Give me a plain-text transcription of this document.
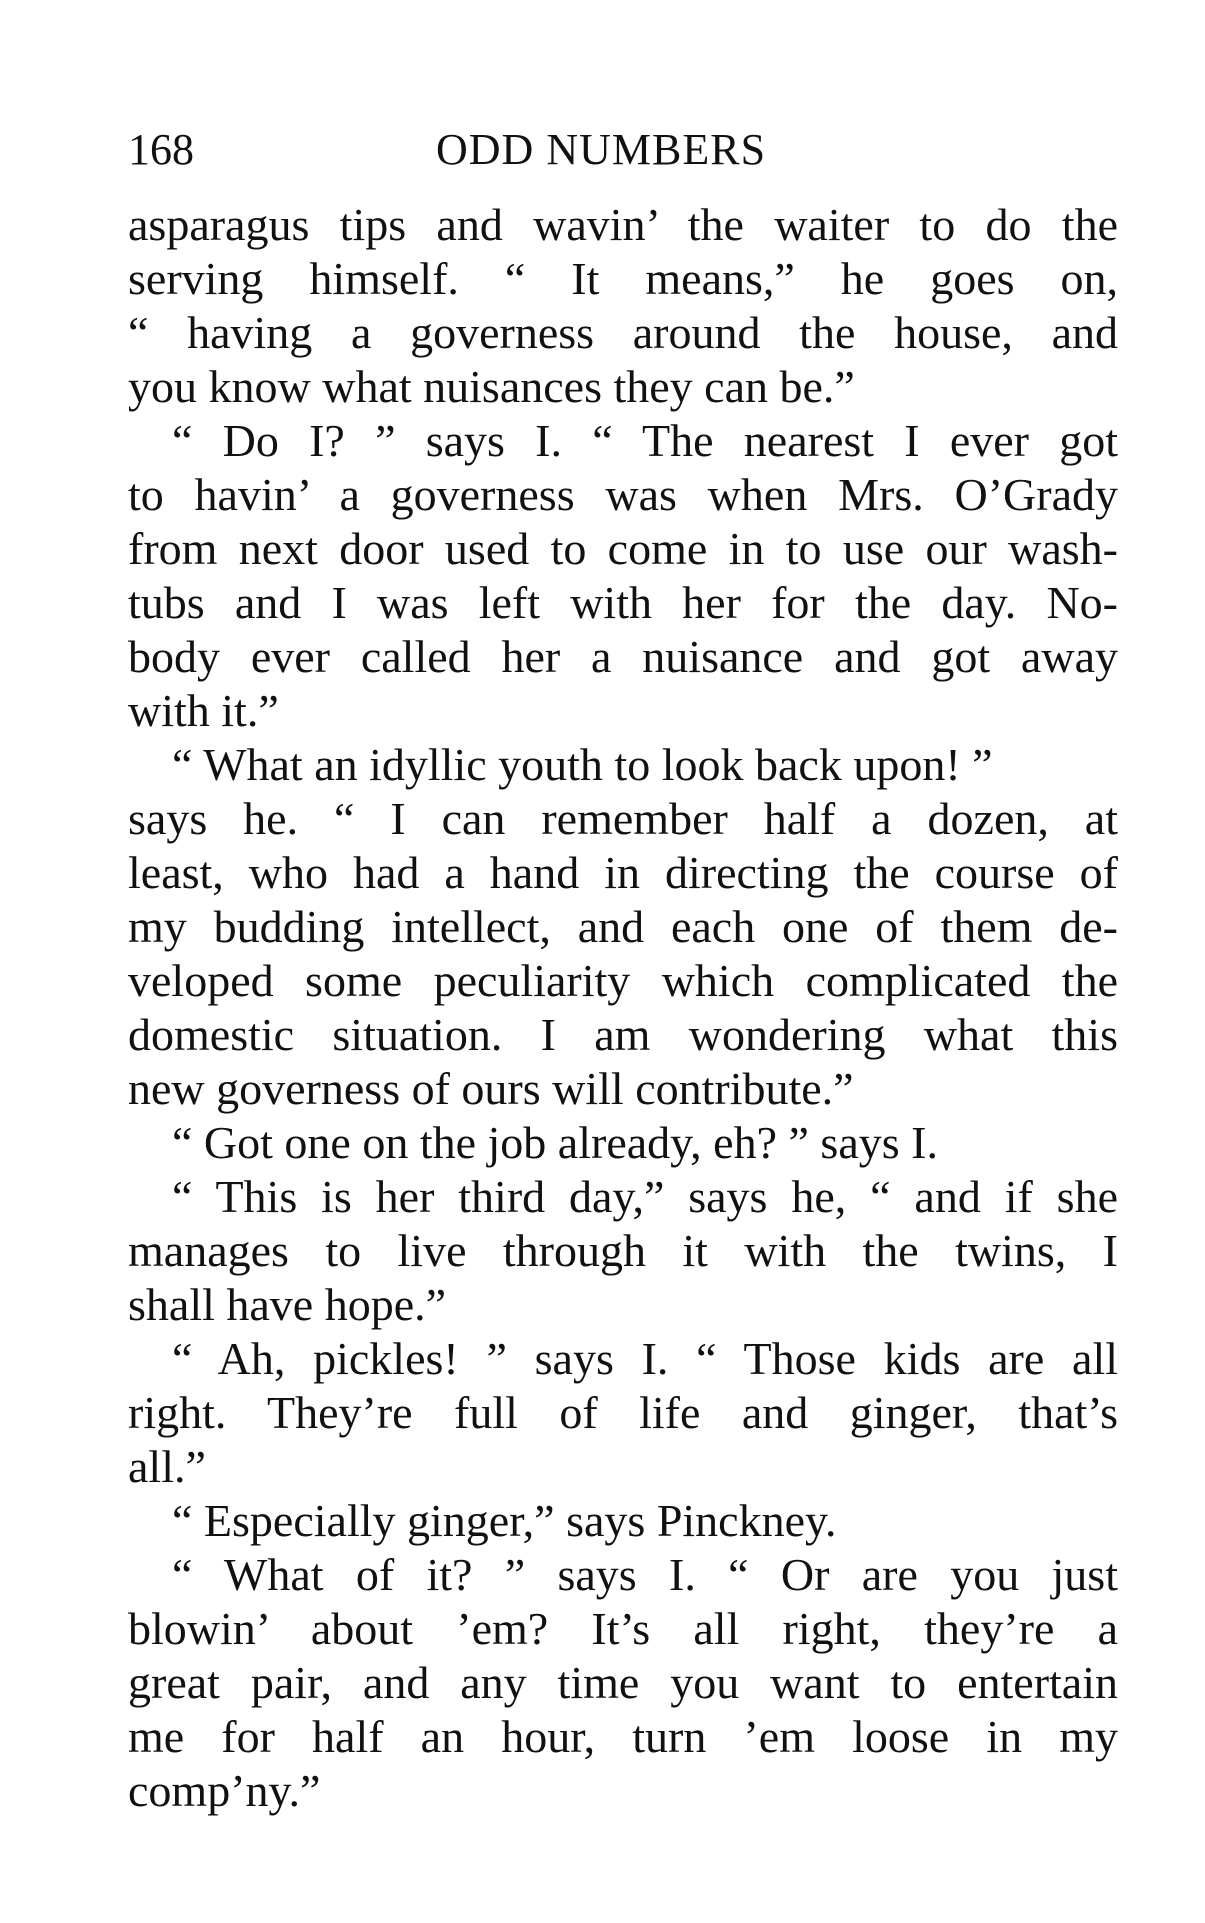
168	ODD NUMBERS
asparagus tips and wavin’ the waiter to do the
serving himself. “ It means,” he goes on,
“ having a governess around the house, and
you know what nuisances they can be.”
“ Do I? ” says I. “ The nearest I ever got
to havin’ a governess was when Mrs. O’Grady
from next door used to come in to use our wash-
tubs and I was left with her for the day. No-
body ever called her a nuisance and got away
with it.”
“ What an idyllic youth to look back upon! ”
says he. “ I can remember half a dozen, at
least, who had a hand in directing the course of
my budding intellect, and each one of them de-
veloped some peculiarity which complicated the
domestic situation. I am wondering what this
new governess of ours will contribute.”
“ Got one on the job already, eh? ” says I.
“ This is her third day,” says he, “ and if she
manages to live through it with the twins, I
shall have hope.”
“ Ah, pickles! ” says I. “ Those kids are all
right. They’re full of life and ginger, that’s
all.”
“ Especially ginger,” says Pinckney.
“ What of it? ” says I. “ Or are you just
blowin’ about ’em? It’s all right, they’re a
great pair, and any time you want to entertain
me for half an hour, turn ’em loose in my
comp’ny.”
